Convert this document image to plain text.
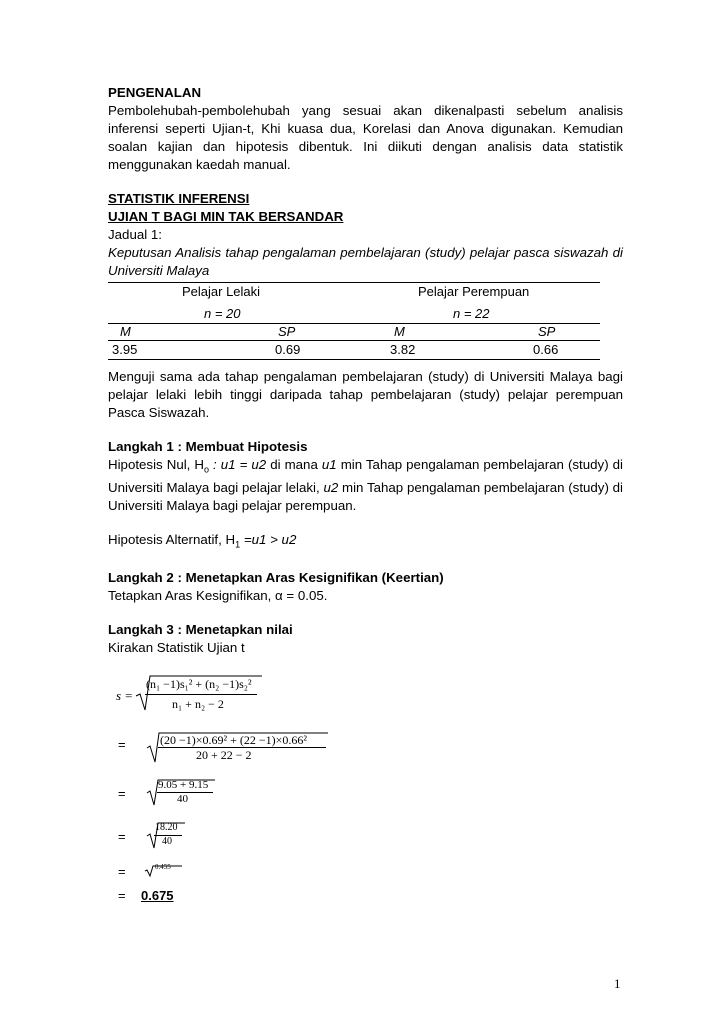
PENGENALAN

Pembolehubah-pembolehubah yang sesuai akan dikenalpasti sebelum analisis inferensi seperti Ujian-t, Khi kuasa dua, Korelasi dan Anova digunakan. Kemudian soalan kajian dan hipotesis dibentuk. Ini diikuti dengan analisis data statistik menggunakan kaedah manual.

STATISTIK INFERENSI

UJIAN T BAGI MIN TAK BERSANDAR

Jadual 1:

Keputusan Analisis tahap pengalaman pembelajaran (study) pelajar pasca siswazah di Universiti Malaya

Pelajar Lelaki	Pelajar Perempuan
n = 20	n = 22
M	SP	M	SP
3.95	0.69	3.82	0.66

Menguji sama ada tahap pengalaman pembelajaran (study) di Universiti Malaya bagi pelajar lelaki lebih tinggi daripada tahap pembelajaran (study) pelajar perempuan Pasca Siswazah.

Langkah 1 : Membuat Hipotesis

Hipotesis Nul, $H_o$ : u1 = u2 di mana u1 min Tahap pengalaman pembelajaran (study) di Universiti Malaya bagi pelajar lelaki, u2 min Tahap pengalaman pembelajaran (study) di Universiti Malaya bagi pelajar perempuan.

Hipotesis Alternatif, $H_1 =u1 > u2$

Langkah 2 : Menetapkan Aras Kesignifikan (Keertian)

Tetapkan Aras Kesignifikan, α = 0.05.

Langkah 3 : Menetapkan nilai

Kirakan Statistik Ujian t

s =
(n₁ −1)s₁² + (n₂ −1)s₂²
n₁ + n₂ − 2
=	(20 −1)×0.69² + (22 −1)×0.66²
20 + 22 − 2
=
9.05 + 9.15
40
=
18.20
40
=	0.455
= 0.675
1
